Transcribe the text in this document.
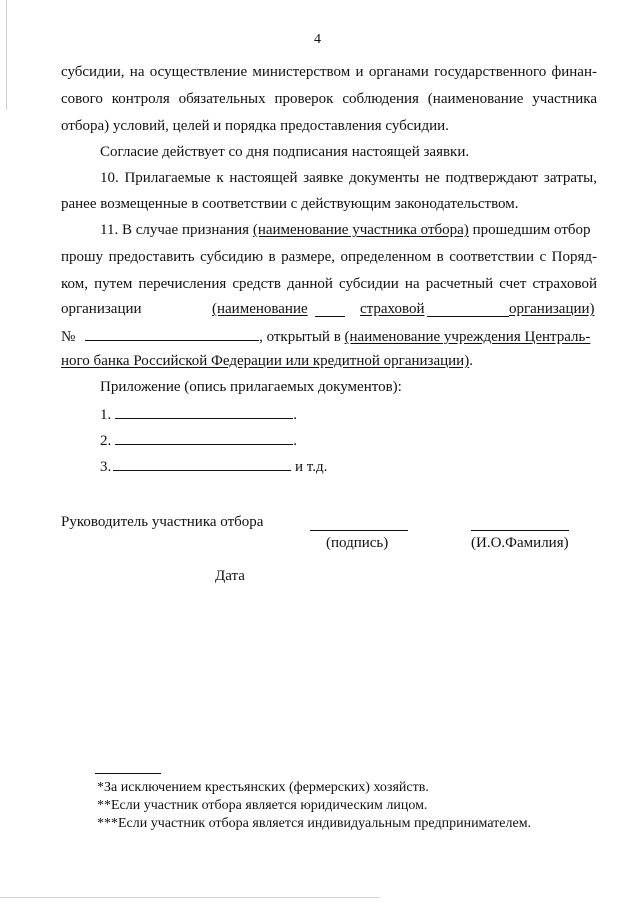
4
субсидии, на осуществление министерством и органами государственного финан-
сового контроля обязательных проверок соблюдения (наименование участника
отбора) условий, целей и порядка предоставления субсидии.
Согласие действует со дня подписания настоящей заявки.
10. Прилагаемые к настоящей заявке документы не подтверждают затраты,
ранее возмещенные в соответствии с действующим законодательством.
11. В случае признания (наименование участника отбора) прошедшим отбор
прошу предоставить субсидию в размере, определенном в соответствии с Поряд-
ком, путем перечисления средств данной субсидии на расчетный счет страховой
организации	(наименование	страховой	организации)
№	, открытый в (наименование учреждения Централь-
ного банка Российской Федерации или кредитной организации).
Приложение (опись прилагаемых документов):
1.	.
2.	.
3.	и т.д.
Руководитель участника отбора
(подпись)	(И.О.Фамилия)
Дата
*За исключением крестьянских (фермерских) хозяйств.
**Если участник отбора является юридическим лицом.
***Если участник отбора является индивидуальным предпринимателем.
